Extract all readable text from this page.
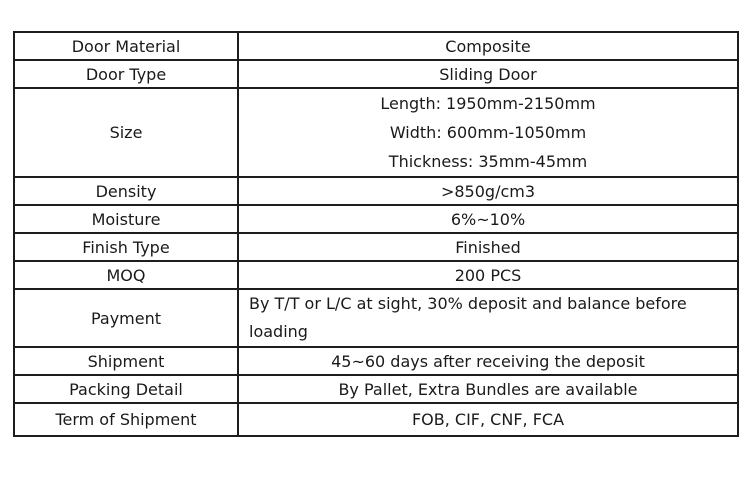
Door Material	Composite
Door Type	Sliding Door
Size	Length: 1950mm-2150mm
Width: 600mm-1050mm
Thickness: 35mm-45mm

Density	>850g/cm3
Moisture	6%~10%
Finish Type	Finished
MOQ	200 PCS
Payment	By T/T or L/C at sight, 30% deposit and balance before loading
Shipment	45~60 days after receiving the deposit
Packing Detail	By Pallet, Extra Bundles are available
Term of Shipment	FOB, CIF, CNF, FCA
